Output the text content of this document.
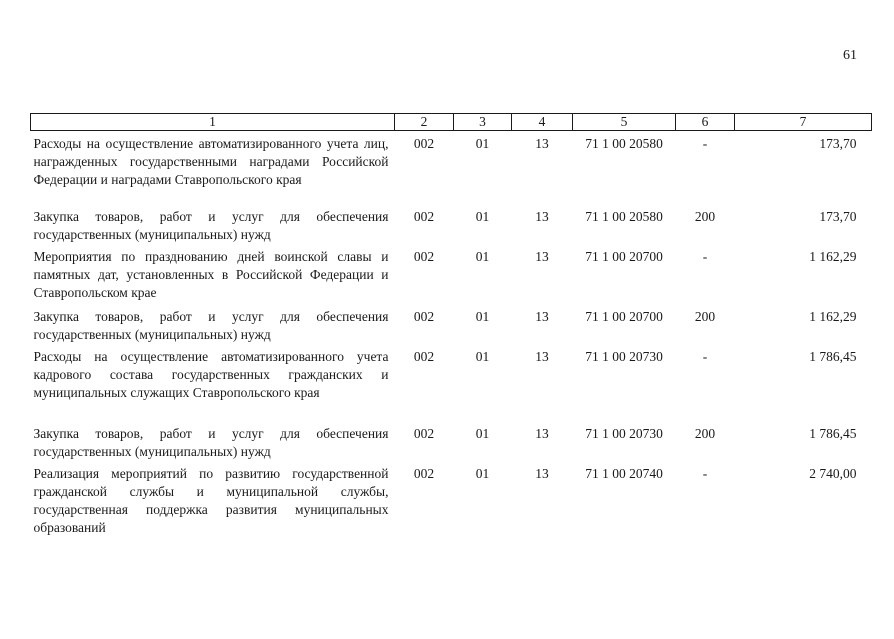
61
1	2	3	4	5	6	7

Расходы на осуществление автоматизированного учета лиц, награжденных государственными наградами Российской Федерации и наградами Ставропольского края	002	01	13	71 1 00 20580	-	173,70
Закупка товаров, работ и услуг для обеспечения государственных (муниципальных) нужд	002	01	13	71 1 00 20580	200	173,70
Мероприятия по празднованию дней воинской славы и памятных дат, установленных в Российской Федерации и Ставропольском крае	002	01	13	71 1 00 20700	-	1 162,29
Закупка товаров, работ и услуг для обеспечения государственных (муниципальных) нужд	002	01	13	71 1 00 20700	200	1 162,29
Расходы на осуществление автоматизированного учета кадрового состава государственных гражданских и муниципальных служащих Ставропольского края	002	01	13	71 1 00 20730	-	1 786,45
Закупка товаров, работ и услуг для обеспечения государственных (муниципальных) нужд	002	01	13	71 1 00 20730	200	1 786,45
Реализация мероприятий по развитию государственной гражданской службы и муниципальной службы, государственная поддержка развития муниципальных образований	002	01	13	71 1 00 20740	-	2 740,00
